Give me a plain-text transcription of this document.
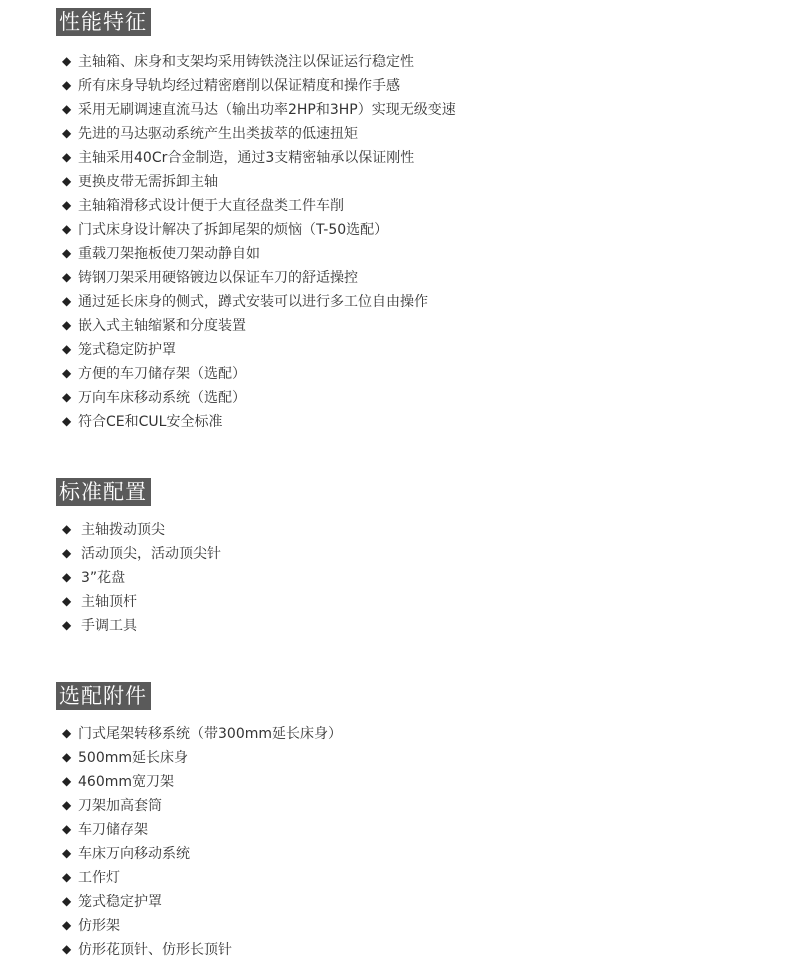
性能特征
◆ 主轴箱、床身和支架均采用铸铁浇注以保证运行稳定性
◆ 所有床身导轨均经过精密磨削以保证精度和操作手感
◆ 采用无刷调速直流马达（输出功率2HP和3HP）实现无级变速
◆ 先进的马达驱动系统产生出类拔萃的低速扭矩
◆ 主轴采用40Cr合金制造，通过3支精密轴承以保证刚性
◆ 更换皮带无需拆卸主轴
◆ 主轴箱滑移式设计便于大直径盘类工件车削
◆ 门式床身设计解决了拆卸尾架的烦恼（T-50选配）
◆ 重载刀架拖板使刀架动静自如
◆ 铸钢刀架采用硬铬镀边以保证车刀的舒适操控
◆ 通过延长床身的侧式，蹲式安装可以进行多工位自由操作
◆ 嵌入式主轴缩紧和分度装置
◆ 笼式稳定防护罩
◆ 方便的车刀储存架（选配）
◆ 万向车床移动系统（选配）
◆ 符合CE和CUL安全标准
标准配置
◆ 主轴拨动顶尖
◆ 活动顶尖，活动顶尖针
◆ 3”花盘
◆ 主轴顶杆
◆ 手调工具
选配附件
◆ 门式尾架转移系统（带300mm延长床身）
◆ 500mm延长床身
◆ 460mm宽刀架
◆ 刀架加高套筒
◆ 车刀储存架
◆ 车床万向移动系统
◆ 工作灯
◆ 笼式稳定护罩
◆ 仿形架
◆ 仿形花顶针、仿形长顶针
